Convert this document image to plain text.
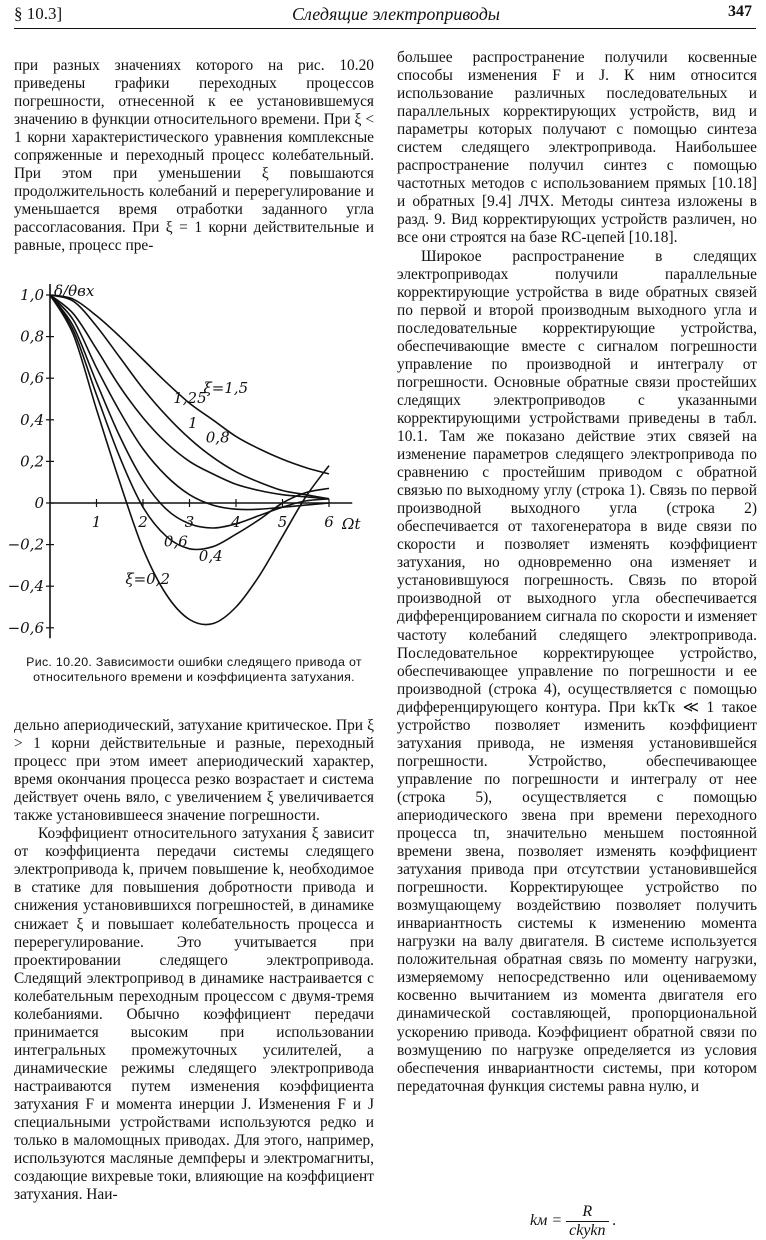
§ 10.3]	Следящие электроприводы	347

при разных значениях которого на рис. 10.20 приведены графики переходных процессов погрешности, отнесенной к ее установившемуся значению в функции относительного времени. При ξ < 1 корни характеристического уравнения комплексные сопряженные и переходный процесс колебательный. При этом при уменьшении ξ повышаются продолжительность колебаний и перерегулирование и уменьшается время отработки заданного угла рассогласования. При ξ = 1 корни действительные и равные, процесс пре-

1,0
0,8
0,6
0,4
0,2
0
−0,2
−0,4
−0,6
1 2 3 4 5 6
δ/θвх
Ωt
ξ=1,5
1,25
1
0,8
0,6
0,4
ξ=0,2
Рис. 10.20. Зависимости ошибки следящего привода от относительного времени и коэффициента затухания.

дельно апериодический, затухание критическое. При ξ > 1 корни действительные и разные, переходный процесс при этом имеет апериодический характер, время окончания процесса резко возрастает и система действует очень вяло, с увеличением ξ увеличивается также установившееся значение погрешности.

Коэффициент относительного затухания ξ зависит от коэффициента передачи системы следящего электропривода k, причем повышение k, необходимое в статике для повышения добротности привода и снижения установившихся погрешностей, в динамике снижает ξ и повышает колебательность процесса и перерегулирование. Это учитывается при проектировании следящего электропривода. Следящий электропривод в динамике настраивается с колебательным переходным процессом с двумя-тремя колебаниями. Обычно коэффициент передачи принимается высоким при использовании интегральных промежуточных усилителей, а динамические режимы следящего электропривода настраиваются путем изменения коэффициента затухания F и момента инерции J. Изменения F и J специальными устройствами используются редко и только в маломощных приводах. Для этого, например, используются масляные демпферы и электромагниты, создающие вихревые токи, влияющие на коэффициент затухания. Наи-

большее распространение получили косвенные способы изменения F и J. К ним относится использование различных последовательных и параллельных корректирующих устройств, вид и параметры которых получают с помощью синтеза систем следящего электропривода. Наибольшее распространение получил синтез с помощью частотных методов с использованием прямых [10.18] и обратных [9.4] ЛЧХ. Методы синтеза изложены в разд. 9. Вид корректирующих устройств различен, но все они строятся на базе RC-цепей [10.18].

Широкое распространение в следящих электроприводах получили параллельные корректирующие устройства в виде обратных связей по первой и второй производным выходного угла и последовательные корректирующие устройства, обеспечивающие вместе с сигналом погрешности управление по производной и интегралу от погрешности. Основные обратные связи простейших следящих электроприводов с указанными корректирующими устройствами приведены в табл. 10.1. Там же показано действие этих связей на изменение параметров следящего электропривода по сравнению с простейшим приводом с обратной связью по выходному углу (строка 1). Связь по первой производной выходного угла (строка 2) обеспечивается от тахогенератора в виде связи по скорости и позволяет изменять коэффициент затухания, но одновременно она изменяет и установившуюся погрешность. Связь по второй производной от выходного угла обеспечивается дифференцированием сигнала по скорости и изменяет частоту колебаний следящего электропривода. Последовательное корректирующее устройство, обеспечивающее управление по погрешности и ее производной (строка 4), осуществляется с помощью дифференцирующего контура. При kкTк ≪ 1 такое устройство позволяет изменить коэффициент затухания привода, не изменяя установившейся погрешности. Устройство, обеспечивающее управление по погрешности и интегралу от нее (строка 5), осуществляется с помощью апериодического звена при времени переходного процесса tп, значительно меньшем постоянной времени звена, позволяет изменять коэффициент затухания привода при отсутствии установившейся погрешности. Корректирующее устройство по возмущающему воздействию позволяет получить инвариантность системы к изменению момента нагрузки на валу двигателя. В системе используется положительная обратная связь по моменту нагрузки, измеряемому непосредственно или оцениваемому косвенно вычитанием из момента двигателя его динамической составляющей, пропорциональной ускорению привода. Коэффициент обратной связи по возмущению по нагрузке определяется из условия обеспечения инвариантности системы, при котором передаточная функция системы равна нулю, и

kм = $\frac{R}{\text{ckуkп}}$ .
